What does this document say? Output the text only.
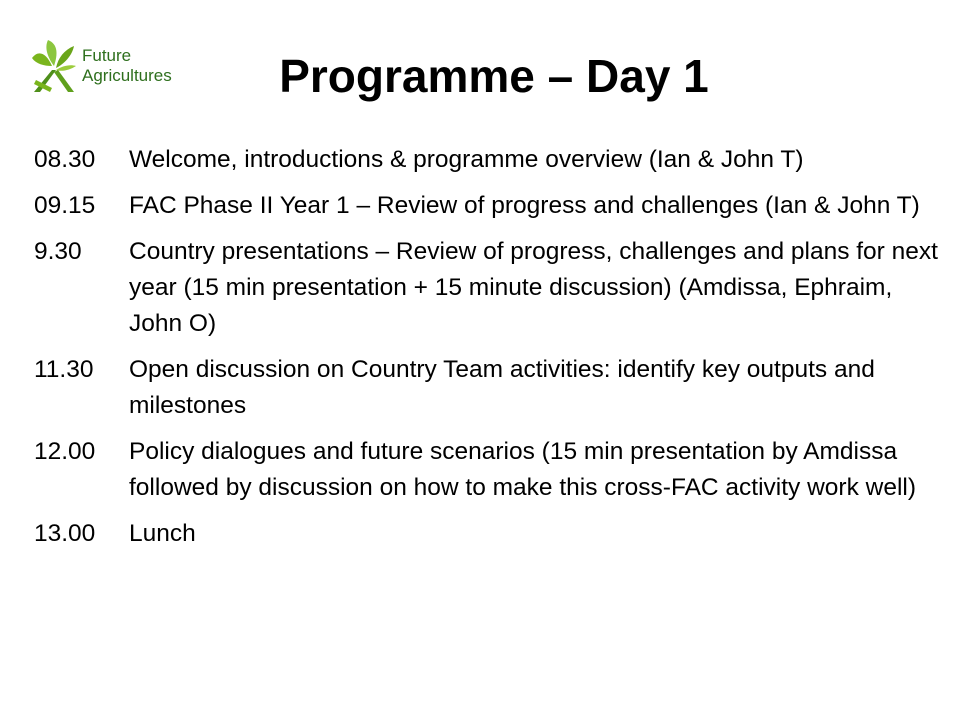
Future
Agricultures	Programme – Day 1
08.30	Welcome, introductions & programme overview (Ian & John T)
09.15	FAC Phase II Year 1 – Review of progress and challenges (Ian & John T)
9.30	Country presentations – Review of progress, challenges and plans for next year (15 min presentation + 15 minute discussion) (Amdissa, Ephraim, John O)
11.30	Open discussion on Country Team activities: identify key outputs and milestones
12.00	Policy dialogues and future scenarios (15 min presentation by Amdissa followed by discussion on how to make this cross-FAC activity work well)
13.00	Lunch
